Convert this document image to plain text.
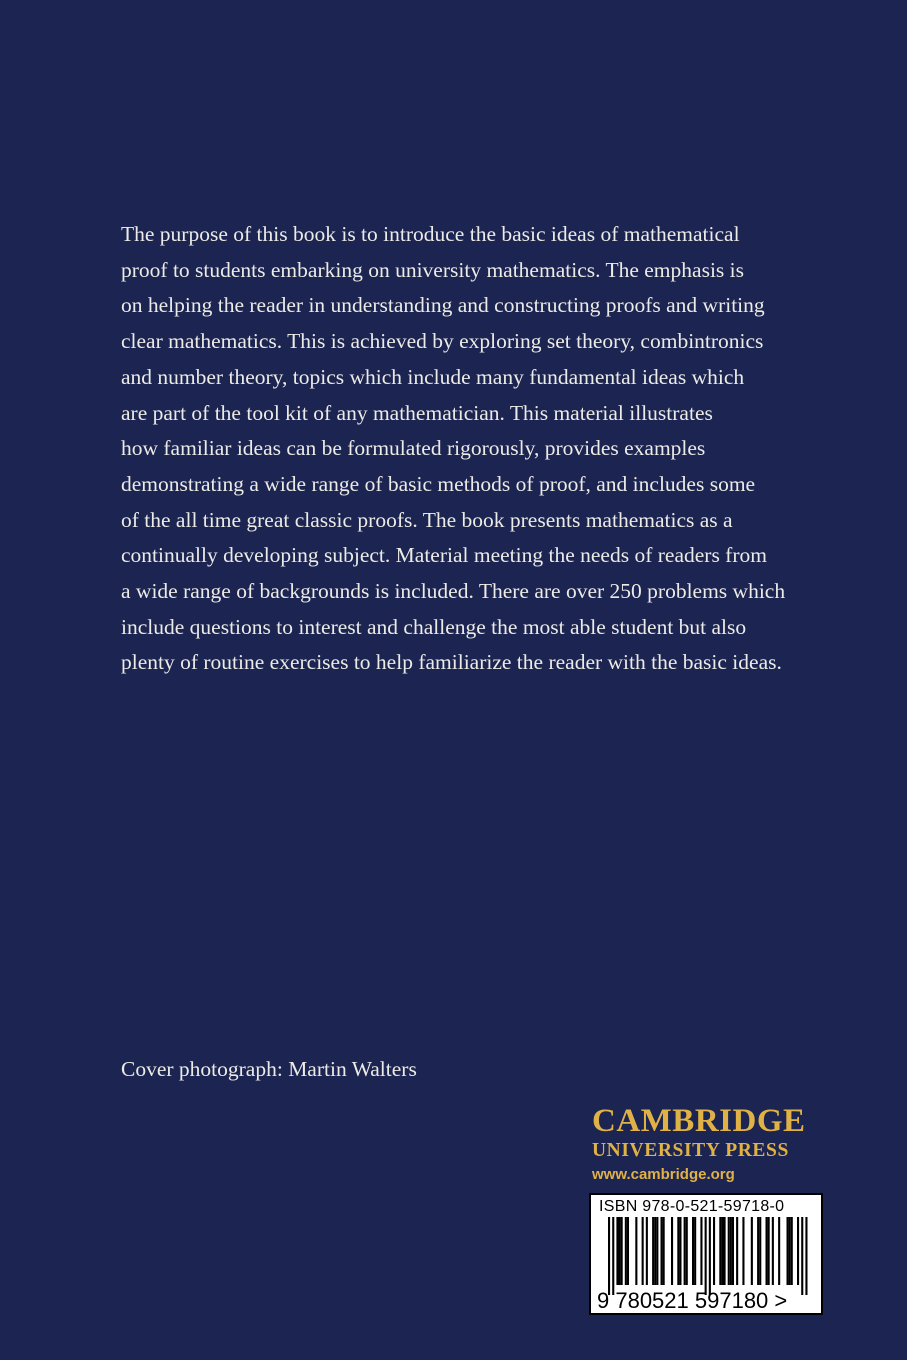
The purpose of this book is to introduce the basic ideas of mathematical
proof to students embarking on university mathematics. The emphasis is
on helping the reader in understanding and constructing proofs and writing
clear mathematics. This is achieved by exploring set theory, combintronics
and number theory, topics which include many fundamental ideas which
are part of the tool kit of any mathematician. This material illustrates
how familiar ideas can be formulated rigorously, provides examples
demonstrating a wide range of basic methods of proof, and includes some
of the all time great classic proofs. The book presents mathematics as a
continually developing subject. Material meeting the needs of readers from
a wide range of backgrounds is included. There are over 250 problems which
include questions to interest and challenge the most able student but also
plenty of routine exercises to help familiarize the reader with the basic ideas.
Cover photograph: Martin Walters
CAMBRIDGE
UNIVERSITY PRESS
www.cambridge.org
ISBN 978-0-521-59718-0
9 780521 597180 >
